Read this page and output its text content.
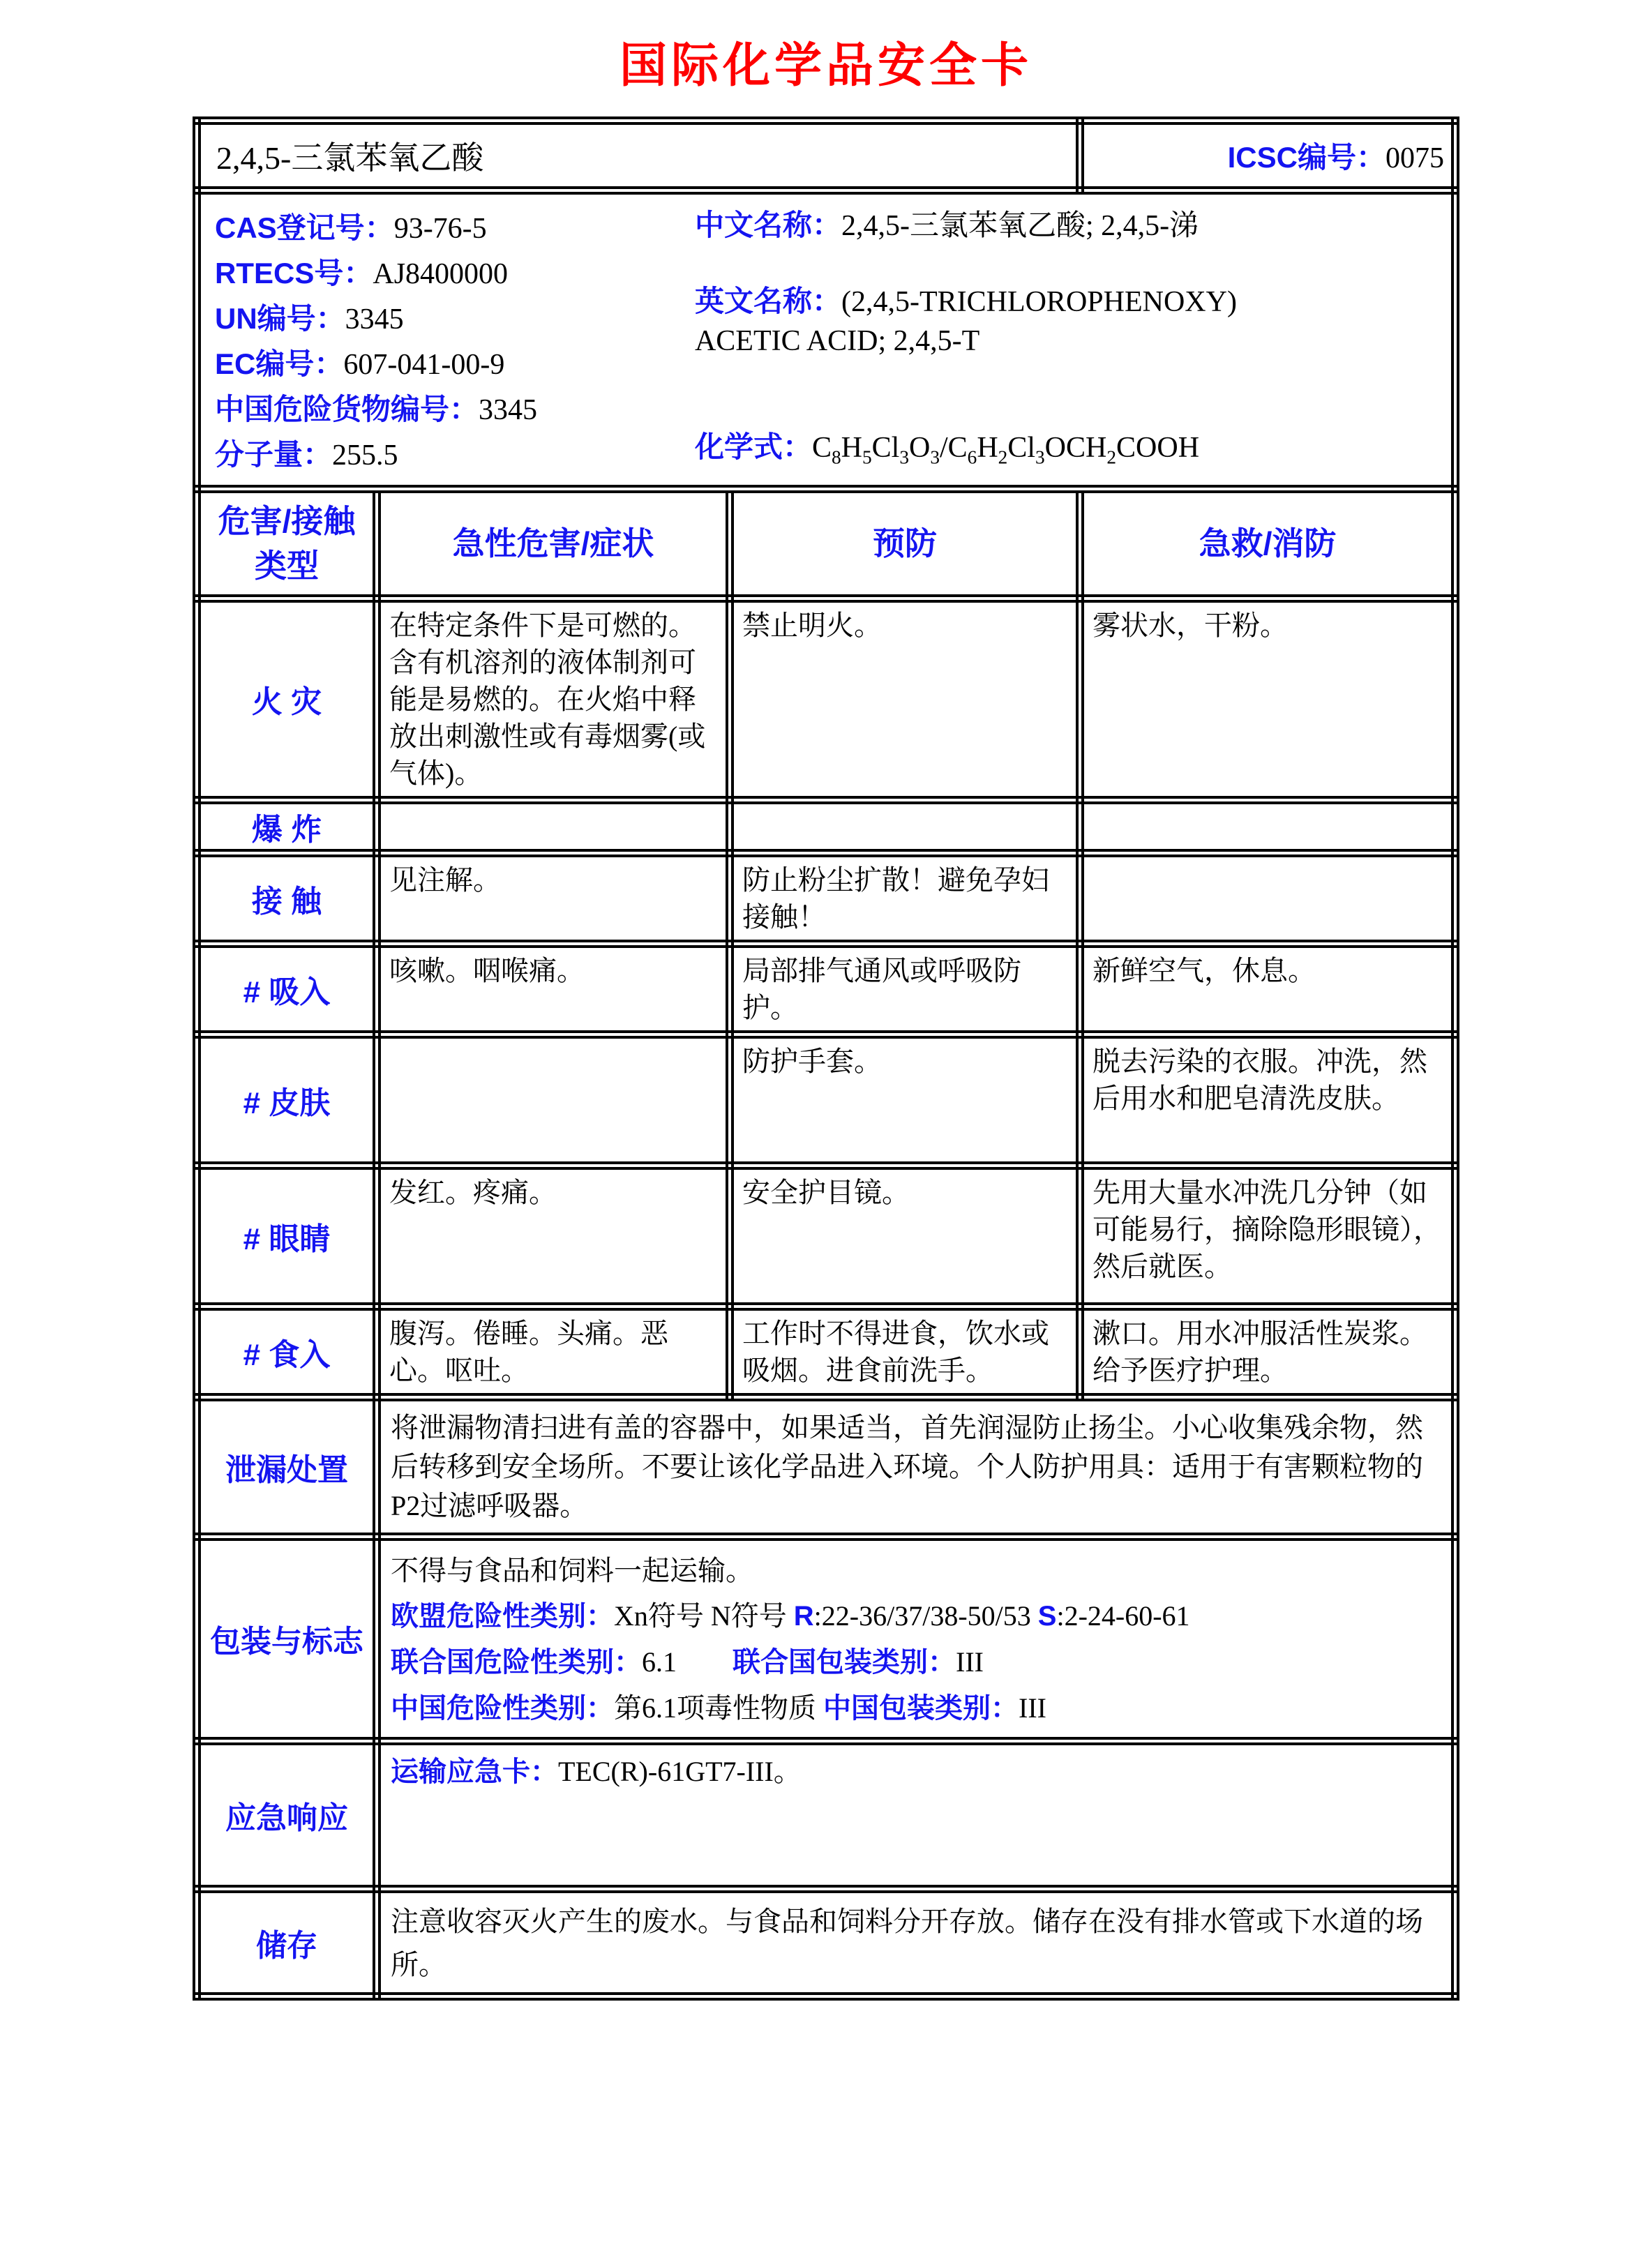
国际化学品安全卡
2,4,5-三氯苯氧乙酸			ICSC编号：0075

CAS登记号：93-76-5
RTECS号：AJ8400000
UN编号：3345
EC编号：607-041-00-9
中国危险货物编号：3345
分子量：255.5
中文名称：2,4,5-三氯苯氧乙酸; 2,4,5-涕
英文名称：(2,4,5-TRICHLOROPHENOXY) ACETIC ACID; 2,4,5-T
化学式：$C_8H_5Cl_3O_3/C_6H_2Cl_3OCH_2COOH$

危害/接触类型	急性危害/症状	预防	急救/消防
火 灾	在特定条件下是可燃的。含有机溶剂的液体制剂可能是易燃的。在火焰中释放出刺激性或有毒烟雾(或气体)。	禁止明火。	雾状水，干粉。
爆 炸			
接 触	见注解。	防止粉尘扩散！避免孕妇接触！	
# 吸入	咳嗽。咽喉痛。	局部排气通风或呼吸防护。	新鲜空气，休息。
# 皮肤		防护手套。	脱去污染的衣服。冲洗，然后用水和肥皂清洗皮肤。
# 眼睛	发红。疼痛。	安全护目镜。	先用大量水冲洗几分钟（如可能易行，摘除隐形眼镜），然后就医。
# 食入	腹泻。倦睡。头痛。恶心。呕吐。	工作时不得进食，饮水或吸烟。进食前洗手。	漱口。用水冲服活性炭浆。给予医疗护理。
泄漏处置	将泄漏物清扫进有盖的容器中，如果适当，首先润湿防止扬尘。小心收集残余物，然后转移到安全场所。不要让该化学品进入环境。个人防护用具：适用于有害颗粒物的P2过滤呼吸器。		

包装与标志	不得与食品和饲料一起运输。
欧盟危险性类别：Xn符号 N符号 R:22-36/37/38-50/53 S:2-24-60-61
联合国危险性类别：6.1　　联合国包装类别：III
中国危险性类别：第6.1项毒性物质 中国包装类别：III		

应急响应	运输应急卡：TEC(R)-61GT7-III。		

储存	注意收容灭火产生的废水。与食品和饲料分开存放。储存在没有排水管或下水道的场所。		
